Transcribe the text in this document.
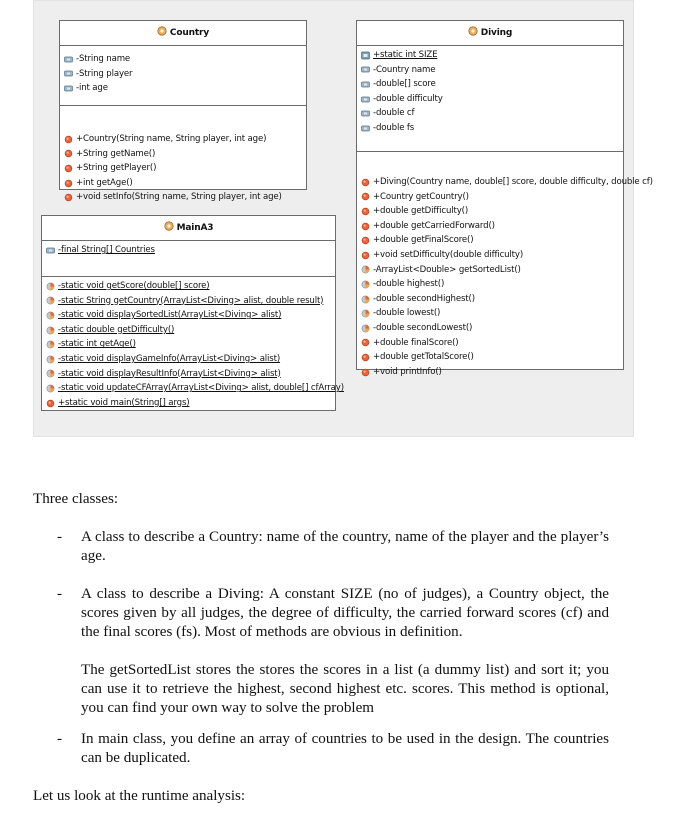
Country
-String name
-String player
-int age
+Country(String name, String player, int age)
+String getName()
+String getPlayer()
+int getAge()
+void setInfo(String name, String player, int age)
Diving
+static int SIZE
-Country name
-double[] score
-double difficulty
-double cf
-double fs
+Diving(Country name, double[] score, double difficulty, double cf)
+Country getCountry()
+double getDifficulty()
+double getCarriedForward()
+double getFinalScore()
+void setDifficulty(double difficulty)
-ArrayList<Double> getSortedList()
-double highest()
-double secondHighest()
-double lowest()
-double secondLowest()
+double finalScore()
+double getTotalScore()
+void printInfo()
MainA3
-final String[] Countries
-static void getScore(double[] score)
-static String getCountry(ArrayList<Diving> alist, double result)
-static void displaySortedList(ArrayList<Diving> alist)
-static double getDifficulty()
-static int getAge()
-static void displayGameInfo(ArrayList<Diving> alist)
-static void displayResultInfo(ArrayList<Diving> alist)
-static void updateCFArray(ArrayList<Diving> alist, double[] cfArray)
+static void main(String[] args)
Three classes:
- A class to describe a Country: name of the country, name of the player and the player’s age.
- A class to describe a Diving: A constant SIZE (no of judges), a Country object, the scores given by all judges, the degree of difficulty, the carried forward scores (cf) and the final scores (fs). Most of methods are obvious in definition.
The getSortedList stores the stores the scores in a list (a dummy list) and sort it; you can use it to retrieve the highest, second highest etc. scores. This method is optional, you can find your own way to solve the problem
- In main class, you define an array of countries to be used in the design. The countries can be duplicated.
Let us look at the runtime analysis:
